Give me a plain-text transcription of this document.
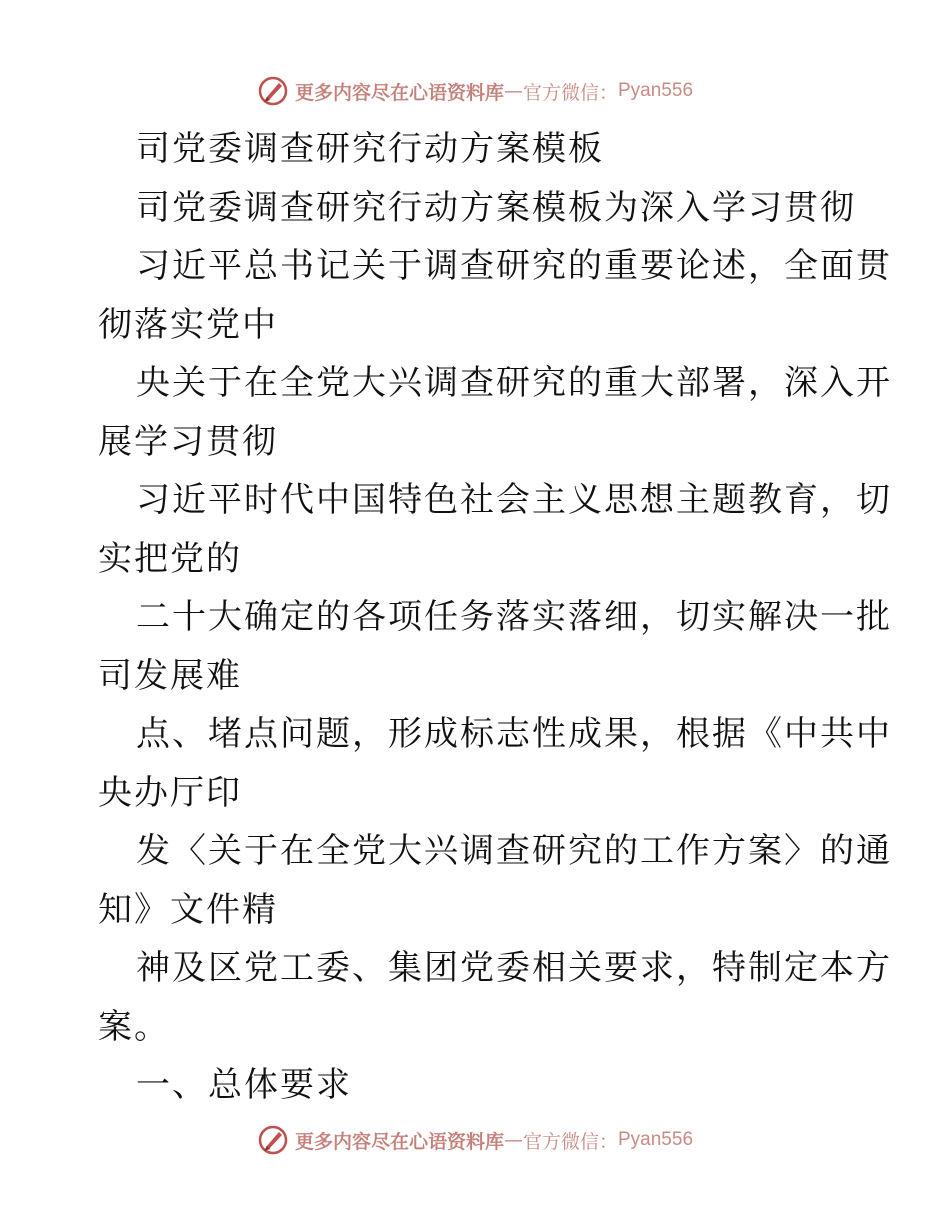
更多内容尽在心语资料库 — 官方微信： Pyan556
司党委调查研究行动方案模板
司党委调查研究行动方案模板为深入学习贯彻
习近平总书记关于调查研究的重要论述，全面贯
彻落实党中
央关于在全党大兴调查研究的重大部署，深入开
展学习贯彻
习近平时代中国特色社会主义思想主题教育，切
实把党的
二十大确定的各项任务落实落细，切实解决一批
司发展难
点、堵点问题，形成标志性成果，根据《中共中
央办厅印
发〈关于在全党大兴调查研究的工作方案〉的通
知》文件精
神及区党工委、集团党委相关要求，特制定本方
案。
一、总体要求
更多内容尽在心语资料库 — 官方微信： Pyan556
